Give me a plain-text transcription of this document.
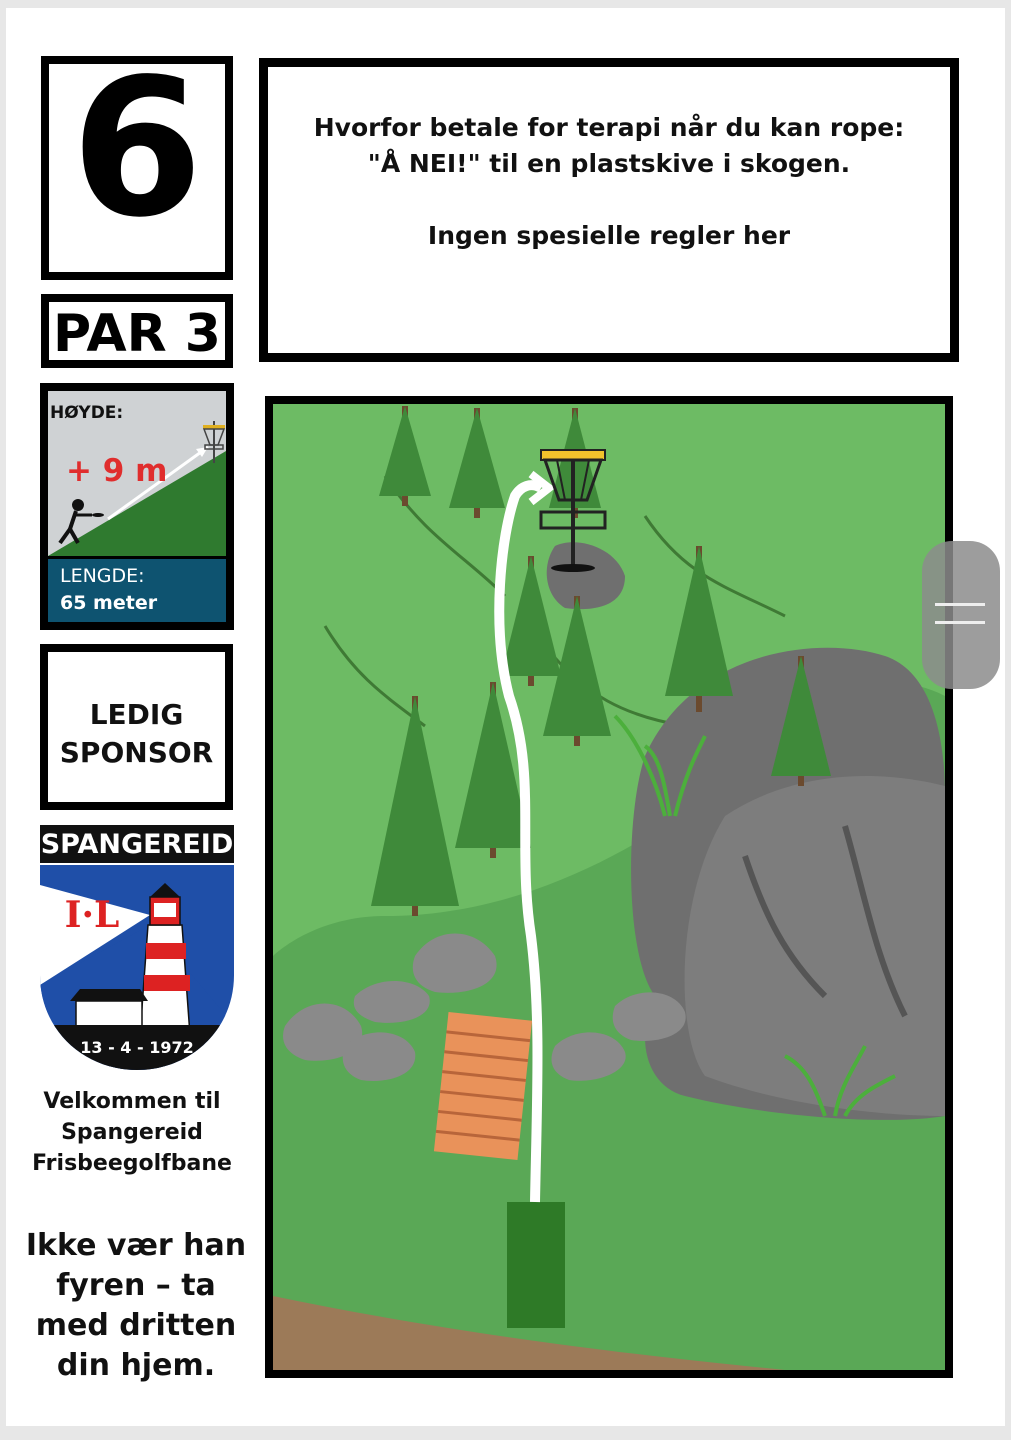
6
PAR 3
Hvorfor betale for terapi når du kan rope:
"Å NEI!" til en plastskive i skogen.
Ingen spesielle regler her
HØYDE:
+ 9 m
LENGDE:
65 meter
LEDIG
SPONSOR
SPANGEREID
I·L
13 - 4 - 1972
Velkommen til
Spangereid
Frisbeegolfbane
Ikke vær han
fyren – ta
med dritten
din hjem.
